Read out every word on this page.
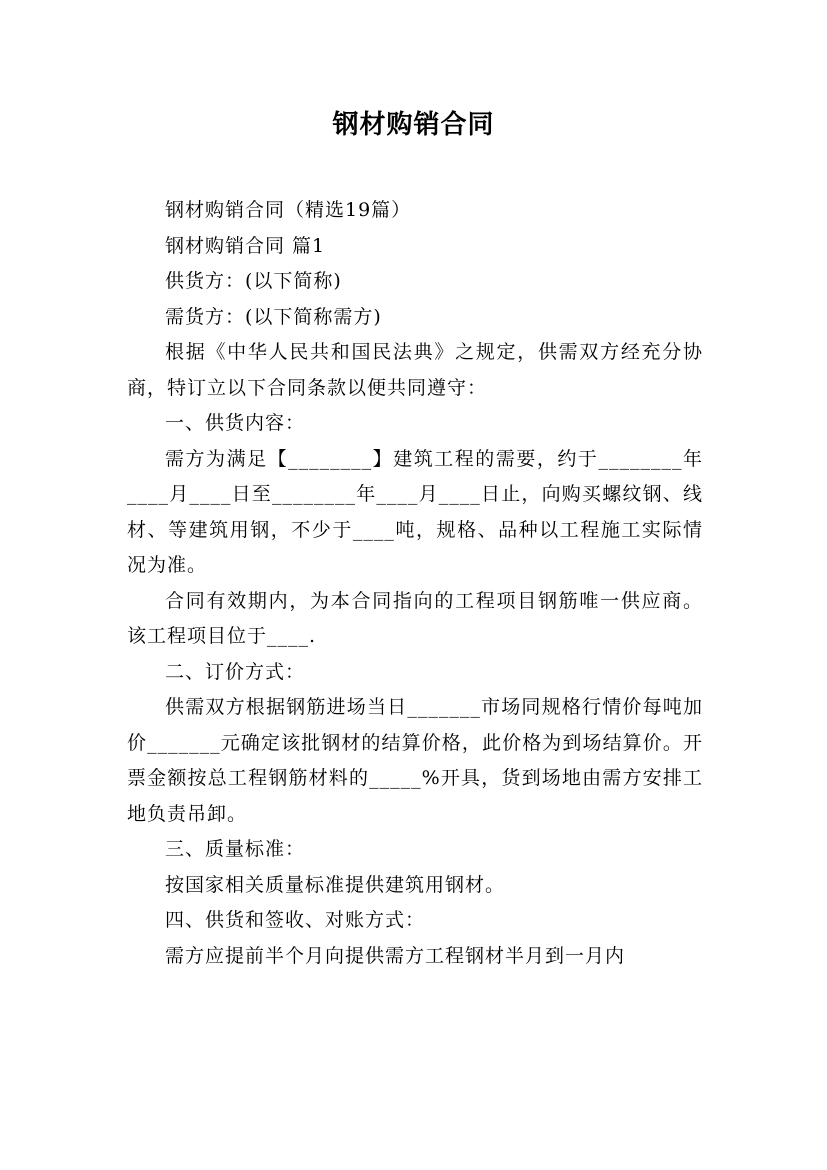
钢材购销合同

钢材购销合同（精选19篇）

钢材购销合同 篇1

供货方：(以下简称)

需货方：(以下简称需方)

根据《中华人民共和国民法典》之规定，供需双方经充分协商，特订立以下合同条款以便共同遵守：

一、供货内容：

需方为满足【________】建筑工程的需要，约于________年____月____日至________年____月____日止，向购买螺纹钢、线材、等建筑用钢，不少于____吨，规格、品种以工程施工实际情况为准。

合同有效期内，为本合同指向的工程项目钢筋唯一供应商。该工程项目位于____.

二、订价方式：

供需双方根据钢筋进场当日_______市场同规格行情价每吨加价_______元确定该批钢材的结算价格，此价格为到场结算价。开票金额按总工程钢筋材料的_____%开具，货到场地由需方安排工地负责吊卸。

三、质量标准：

按国家相关质量标准提供建筑用钢材。

四、供货和签收、对账方式：

需方应提前半个月向提供需方工程钢材半月到一月内
